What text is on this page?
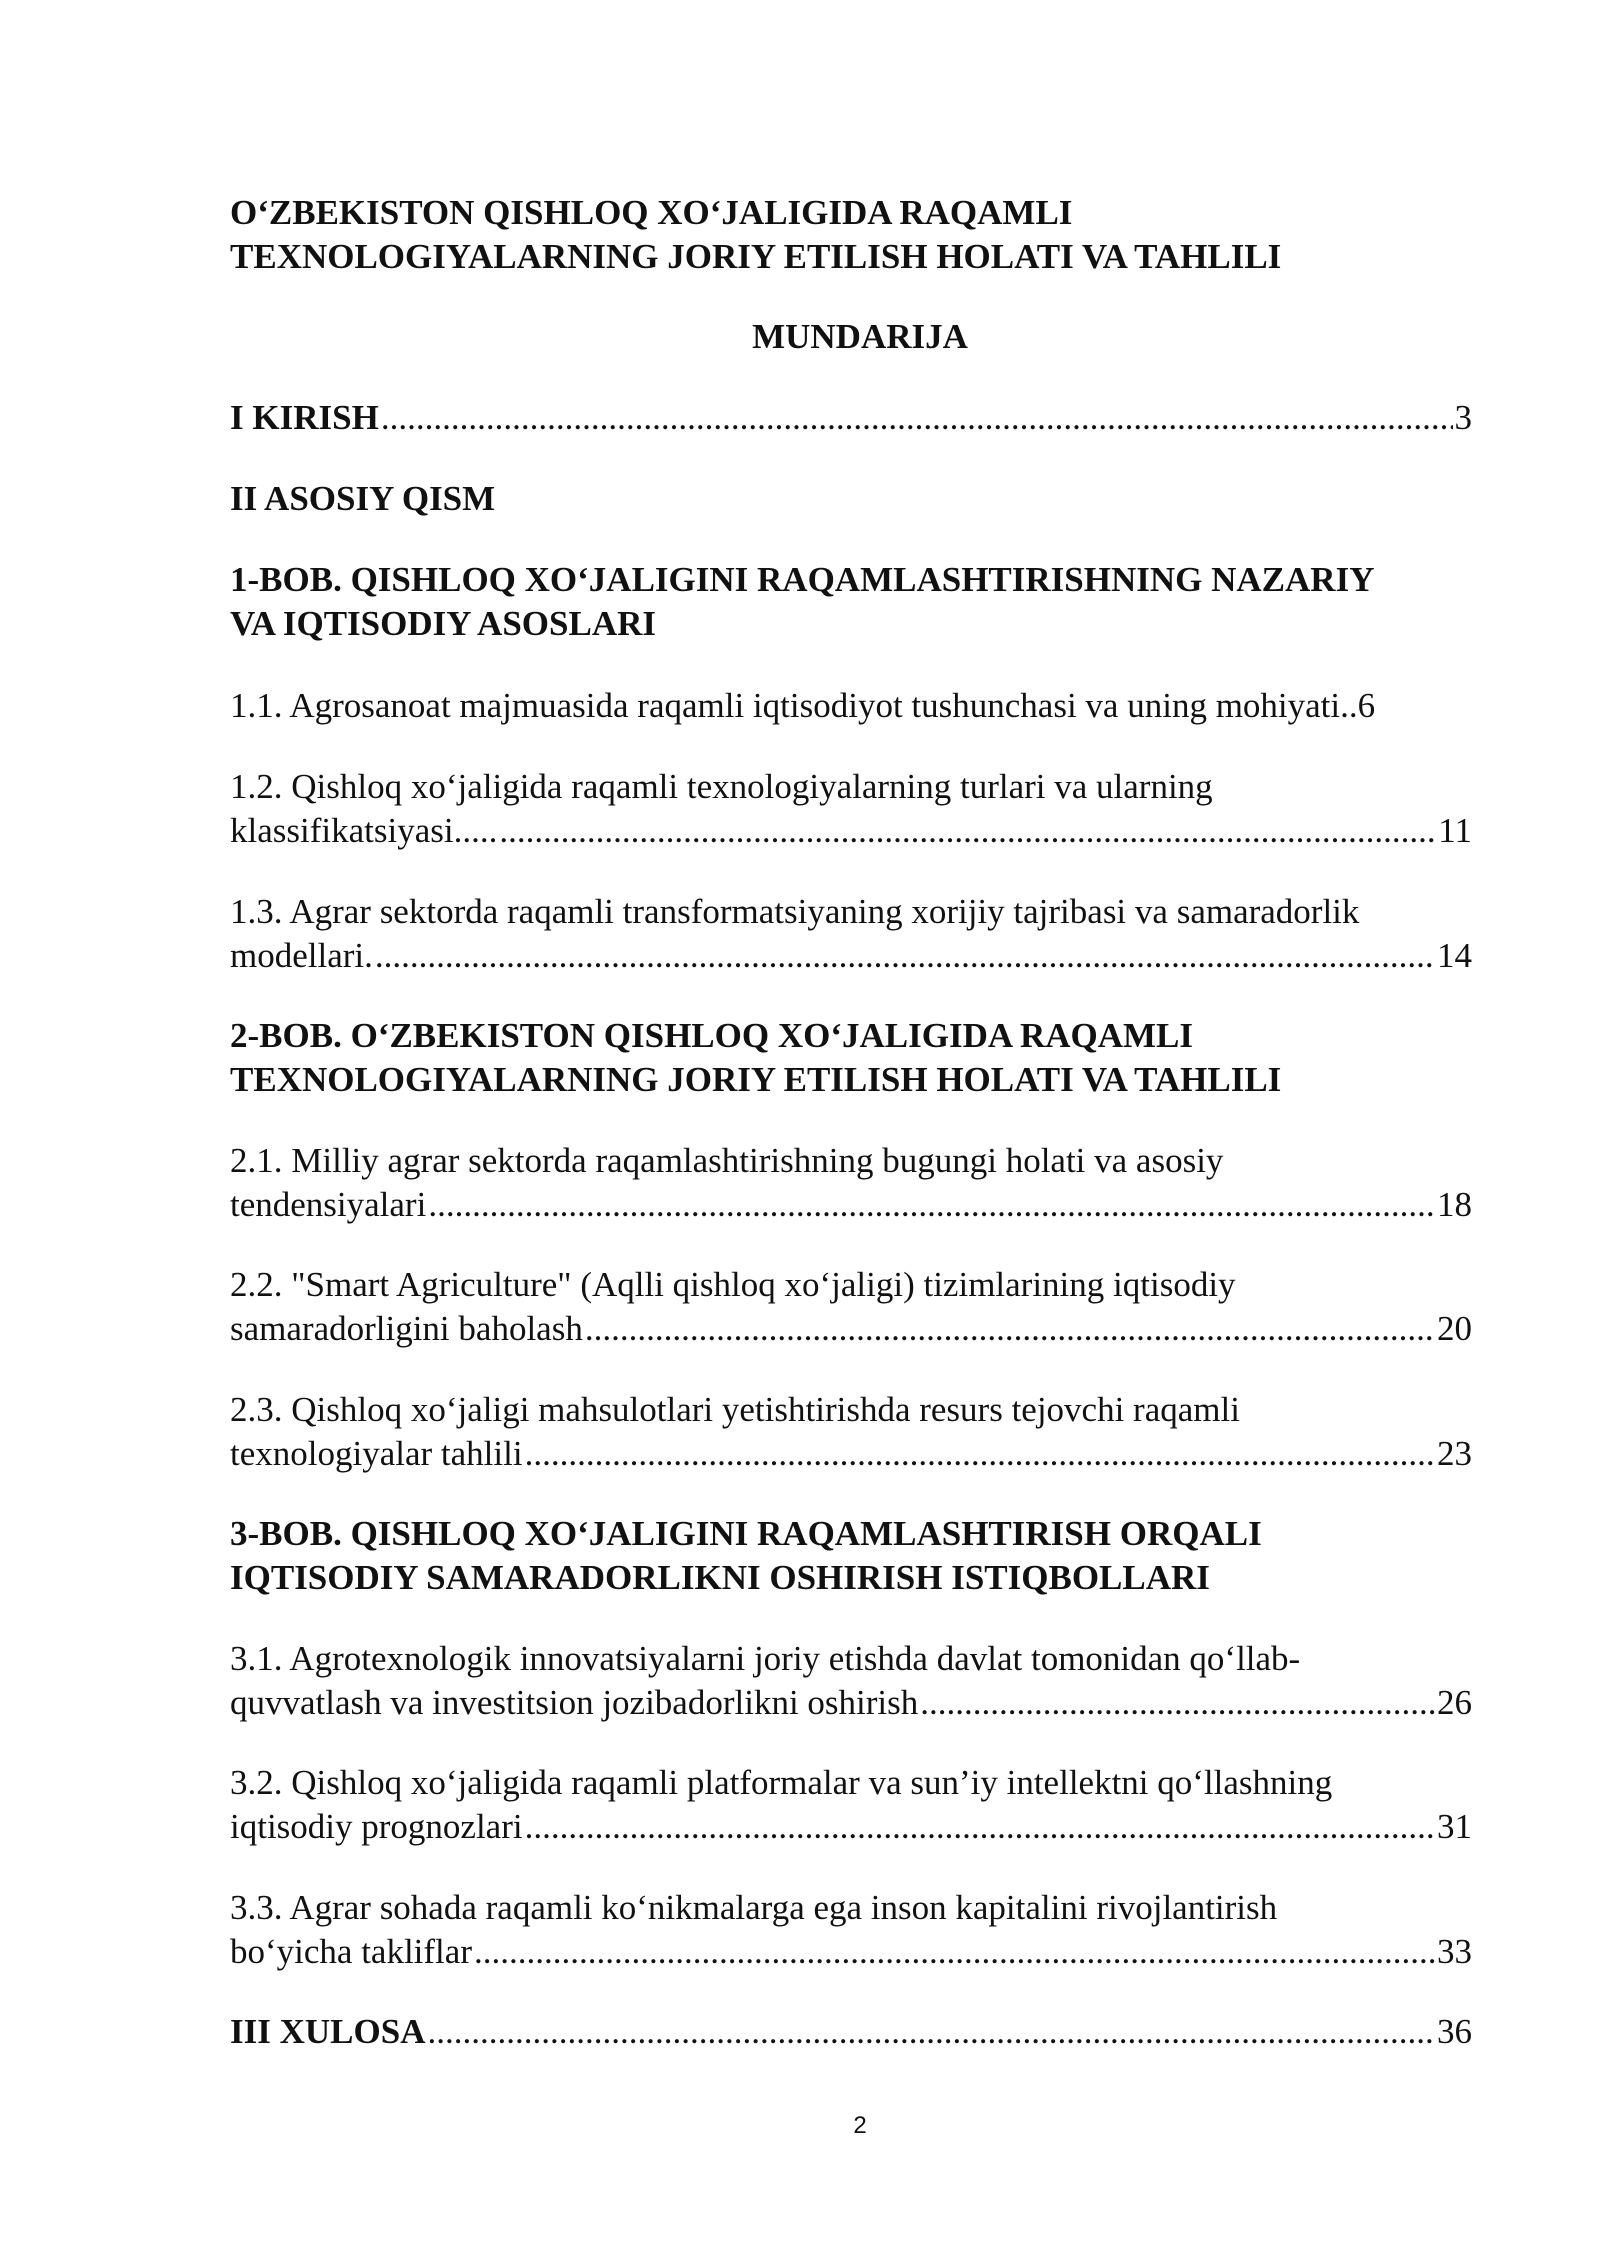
O‘ZBEKISTON QISHLOQ XO‘JALIGIDA RAQAMLI
TEXNOLOGIYALARNING JORIY ETILISH HOLATI VA TAHLILI
MUNDARIJA
I KIRISH .....	3
II ASOSIY QISM
1-BOB. QISHLOQ XO‘JALIGINI RAQAMLASHTIRISHNING NAZARIY
VA IQTISODIY ASOSLARI
1.1. Agrosanoat majmuasida raqamli iqtisodiyot tushunchasi va uning mohiyati.. 6
1.2. Qishloq xo‘jaligida raqamli texnologiyalarning turlari va ularning
klassifikatsiyasi..... .....	11
1.3. Agrar sektorda raqamli transformatsiyaning xorijiy tajribasi va samaradorlik
modellari. .....	14
2-BOB. O‘ZBEKISTON QISHLOQ XO‘JALIGIDA RAQAMLI
TEXNOLOGIYALARNING JORIY ETILISH HOLATI VA TAHLILI
2.1. Milliy agrar sektorda raqamlashtirishning bugungi holati va asosiy
tendensiyalari .....	18
2.2. "Smart Agriculture" (Aqlli qishloq xo‘jaligi) tizimlarining iqtisodiy
samaradorligini baholash .....	20
2.3. Qishloq xo‘jaligi mahsulotlari yetishtirishda resurs tejovchi raqamli
texnologiyalar tahlili .....	23
3-BOB. QISHLOQ XO‘JALIGINI RAQAMLASHTIRISH ORQALI
IQTISODIY SAMARADORLIKNI OSHIRISH ISTIQBOLLARI
3.1. Agrotexnologik innovatsiyalarni joriy etishda davlat tomonidan qo‘llab-
quvvatlash va investitsion jozibadorlikni oshirish .....	26
3.2. Qishloq xo‘jaligida raqamli platformalar va sun’iy intellektni qo‘llashning
iqtisodiy prognozlari .....	31
3.3. Agrar sohada raqamli ko‘nikmalarga ega inson kapitalini rivojlantirish
bo‘yicha takliflar .....	33
III XULOSA .....	36
2
